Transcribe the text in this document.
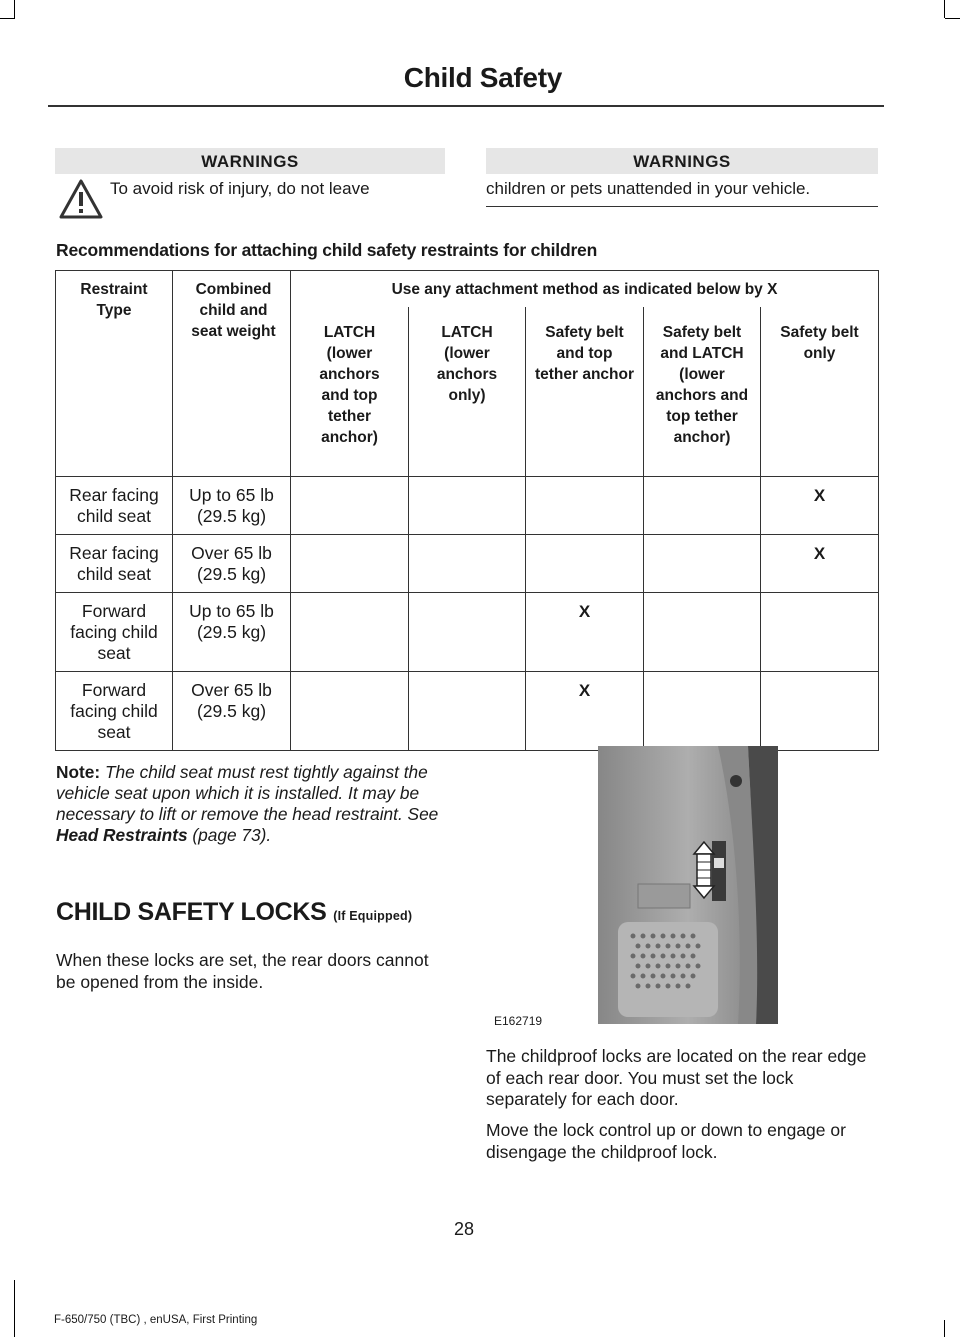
Child Safety
WARNINGS	WARNINGS
To avoid risk of injury, do not leave	children or pets unattended in your vehicle.
Recommendations for attaching child safety restraints for children
Restraint Type	Combined child and seat weight	Use any attachment method as indicated below by X				
		LATCH (lower anchors and top tether anchor)	LATCH (lower anchors only)	Safety belt and top tether anchor	Safety belt and LATCH (lower anchors and top tether anchor)	Safety belt only
Rear facing child seat	Up to 65 lb (29.5 kg)					X
Rear facing child seat	Over 65 lb (29.5 kg)					X
Forward facing child seat	Up to 65 lb (29.5 kg)			X		
Forward facing child seat	Over 65 lb (29.5 kg)			X		
Note: The child seat must rest tightly against the vehicle seat upon which it is installed. It may be necessary to lift or remove the head restraint. See Head Restraints (page 73).
CHILD SAFETY LOCKS (If Equipped)
When these locks are set, the rear doors cannot be opened from the inside.
E162719
The childproof locks are located on the rear edge of each rear door. You must set the lock separately for each door.
Move the lock control up or down to engage or disengage the childproof lock.
28
F-650/750 (TBC) , enUSA, First Printing
